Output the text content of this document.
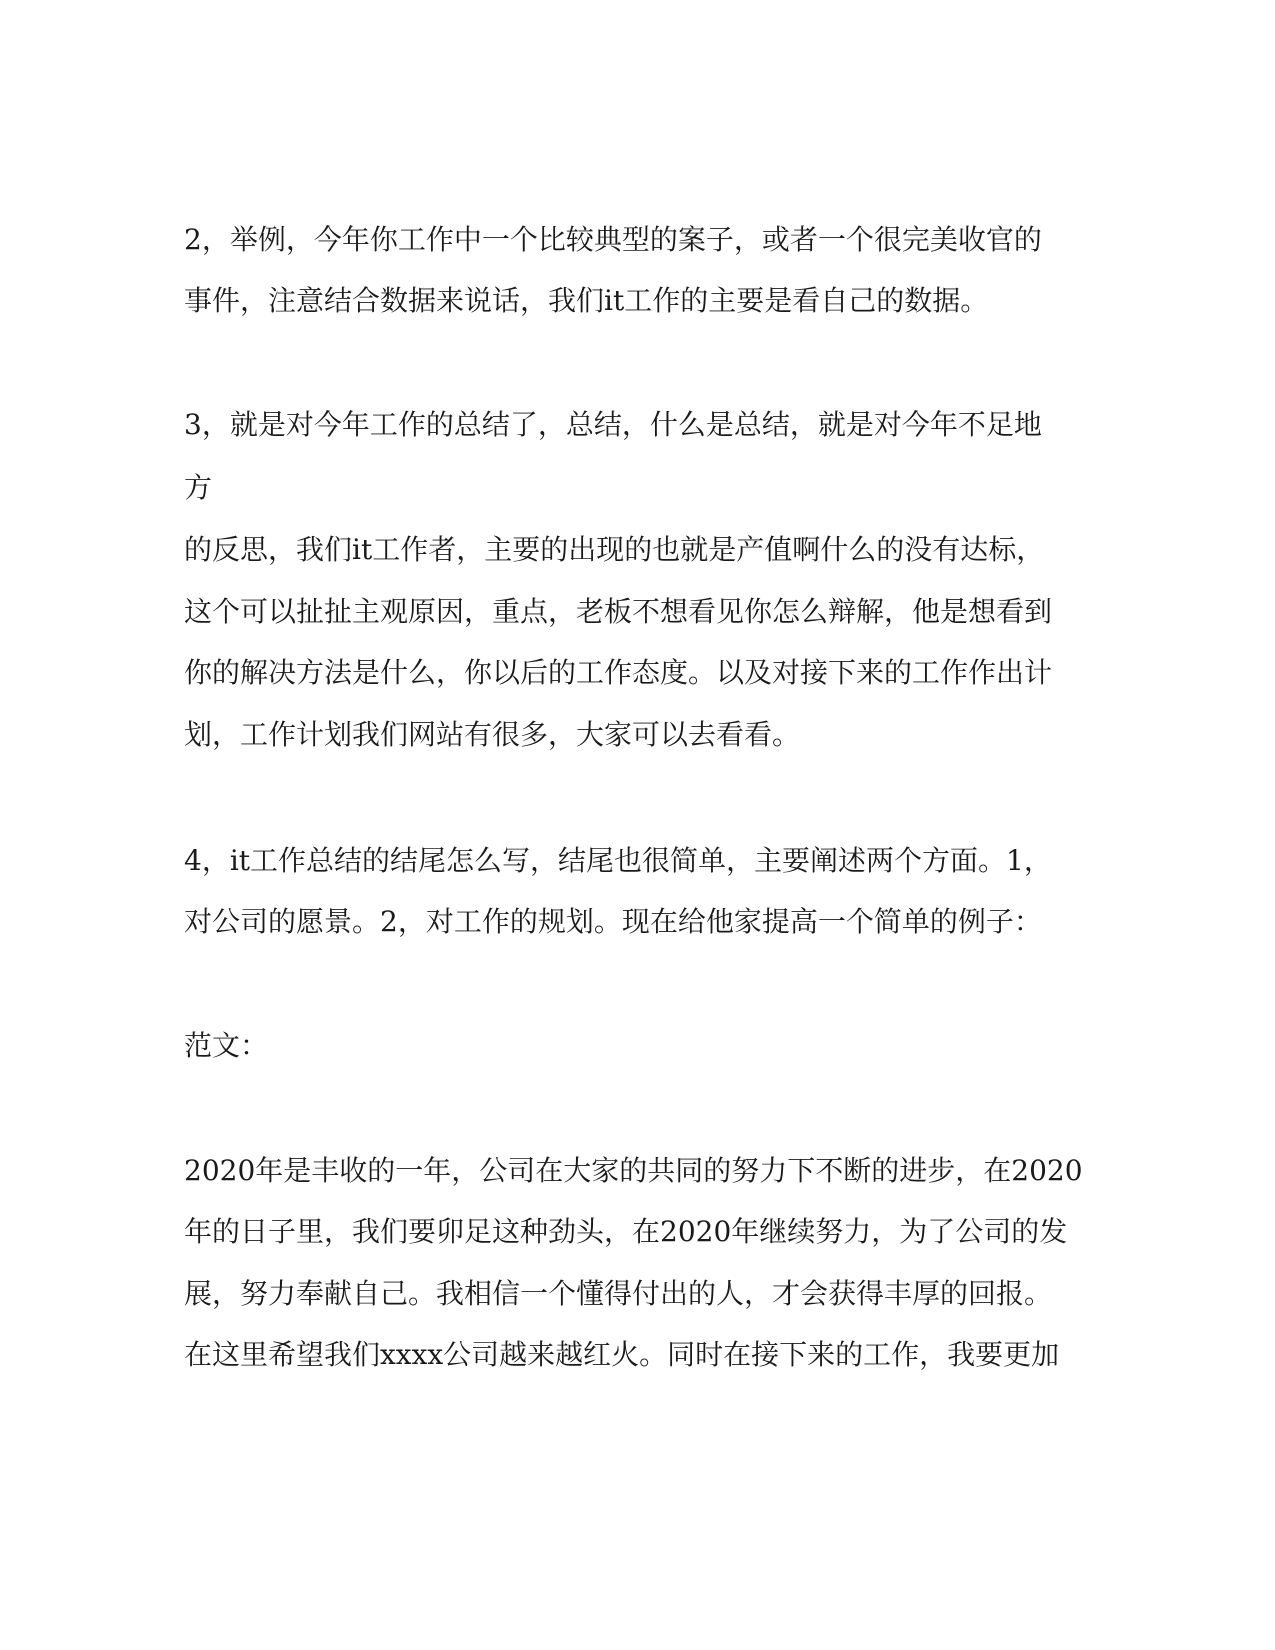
2，举例，今年你工作中一个比较典型的案子，或者一个很完美收官的
事件，注意结合数据来说话，我们it工作的主要是看自己的数据。
3，就是对今年工作的总结了，总结，什么是总结，就是对今年不足地
方
的反思，我们it工作者，主要的出现的也就是产值啊什么的没有达标，
这个可以扯扯主观原因，重点，老板不想看见你怎么辩解，他是想看到
你的解决方法是什么，你以后的工作态度。以及对接下来的工作作出计
划，工作计划我们网站有很多，大家可以去看看。
4，it工作总结的结尾怎么写，结尾也很简单，主要阐述两个方面。1，
对公司的愿景。2，对工作的规划。现在给他家提高一个简单的例子：
范文：
2020年是丰收的一年，公司在大家的共同的努力下不断的进步，在2020
年的日子里，我们要卯足这种劲头，在2020年继续努力，为了公司的发
展，努力奉献自己。我相信一个懂得付出的人，才会获得丰厚的回报。
在这里希望我们xxxx公司越来越红火。同时在接下来的工作，我要更加
